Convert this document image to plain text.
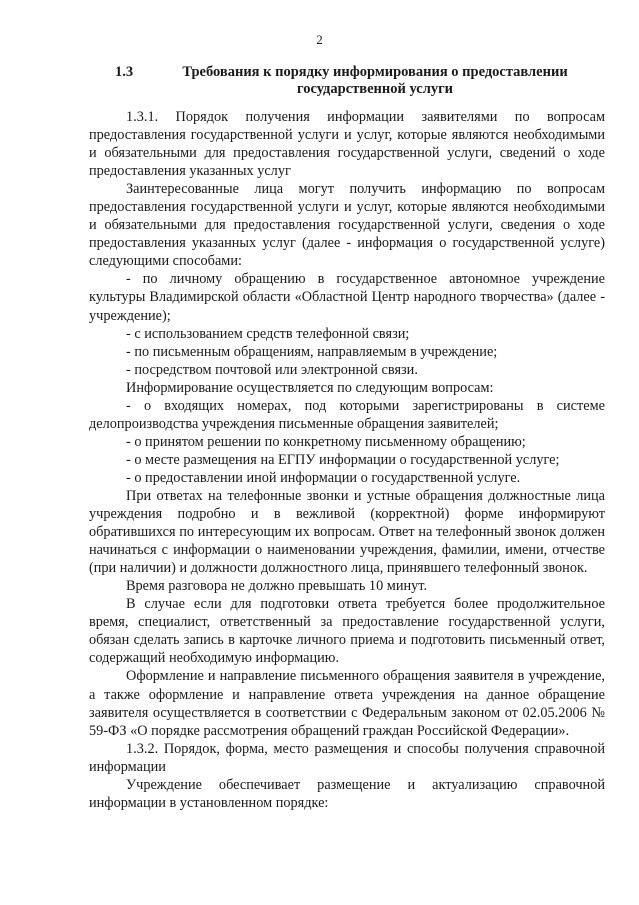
2
1.3	Требования к порядку информирования о предоставлении государственной услуги

1.3.1. Порядок получения информации заявителями по вопросам предоставления государственной услуги и услуг, которые являются необходимыми и обязательными для предоставления государственной услуги, сведений о ходе предоставления указанных услуг

Заинтересованные лица могут получить информацию по вопросам предоставления государственной услуги и услуг, которые являются необходимыми и обязательными для предоставления государственной услуги, сведения о ходе предоставления указанных услуг (далее - информация о государственной услуге) следующими способами:

- по личному обращению в государственное автономное учреждение культуры Владимирской области «Областной Центр народного творчества» (далее - учреждение);

- с использованием средств телефонной связи;

- по письменным обращениям, направляемым в учреждение;

- посредством почтовой или электронной связи.

Информирование осуществляется по следующим вопросам:

- о входящих номерах, под которыми зарегистрированы в системе делопроизводства учреждения письменные обращения заявителей;

- о принятом решении по конкретному письменному обращению;

- о месте размещения на ЕГПУ информации о государственной услуге;

- о предоставлении иной информации о государственной услуге.

При ответах на телефонные звонки и устные обращения должностные лица учреждения подробно и в вежливой (корректной) форме информируют обратившихся по интересующим их вопросам. Ответ на телефонный звонок должен начинаться с информации о наименовании учреждения, фамилии, имени, отчестве (при наличии) и должности должностного лица, принявшего телефонный звонок.

Время разговора не должно превышать 10 минут.

В случае если для подготовки ответа требуется более продолжительное время, специалист, ответственный за предоставление государственной услуги, обязан сделать запись в карточке личного приема и подготовить письменный ответ, содержащий необходимую информацию.

Оформление и направление письменного обращения заявителя в учреждение, а также оформление и направление ответа учреждения на данное обращение заявителя осуществляется в соответствии с Федеральным законом от 02.05.2006 № 59-ФЗ «О порядке рассмотрения обращений граждан Российской Федерации».

1.3.2. Порядок, форма, место размещения и способы получения справочной информации

Учреждение обеспечивает размещение и актуализацию справочной информации в установленном порядке:
